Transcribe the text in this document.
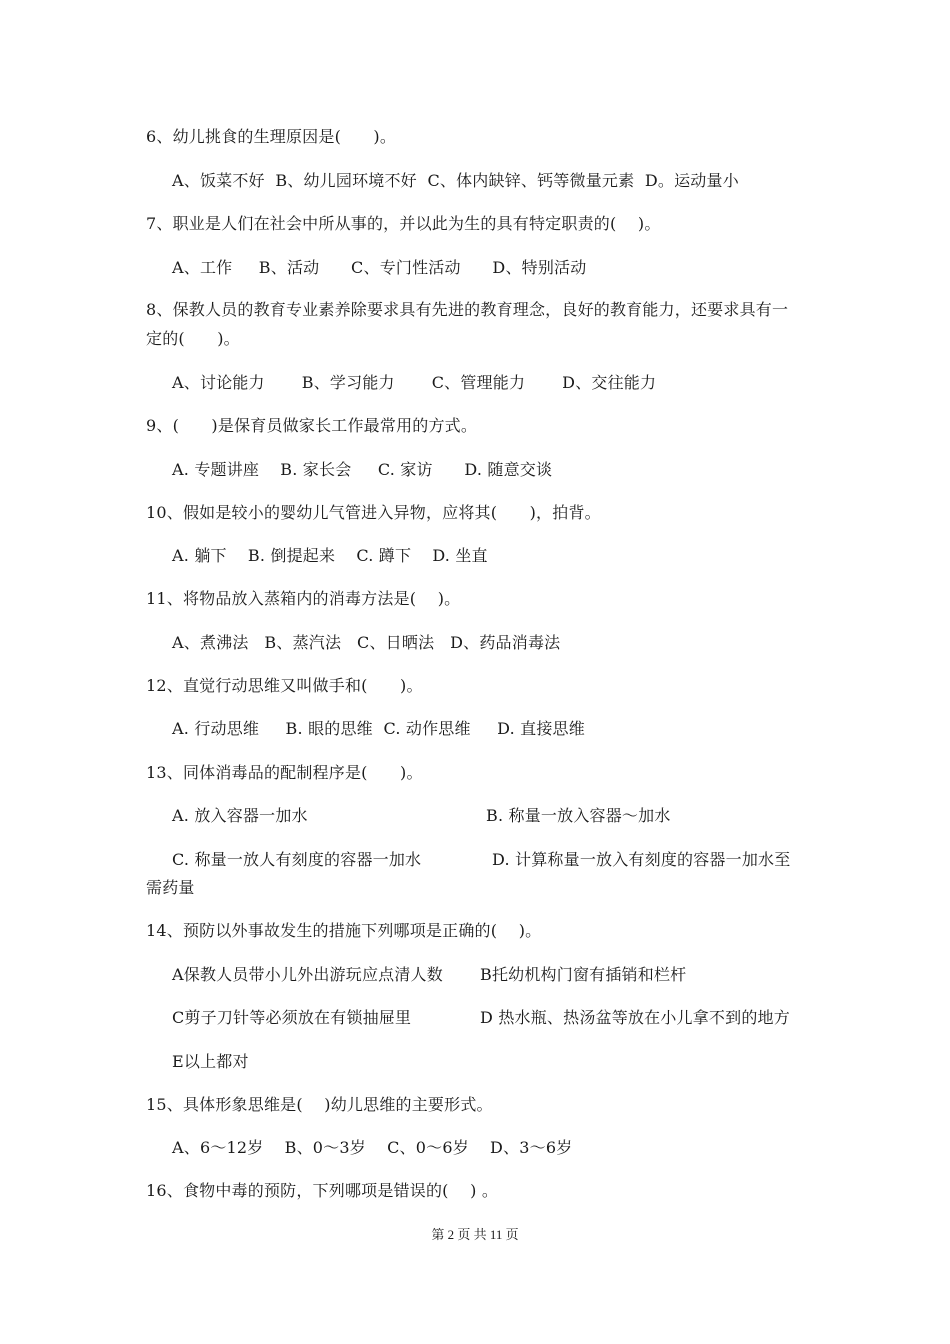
6、幼儿挑食的生理原因是(　　)。
A、饭菜不好  B、幼儿园环境不好  C、体内缺锌、钙等微量元素  D。运动量小
7、职业是人们在社会中所从事的，并以此为生的具有特定职责的(　 )。
A、工作     B、活动      C、专门性活动      D、特别活动
8、保教人员的教育专业素养除要求具有先进的教育理念，良好的教育能力，还要求具有一
定的(　　)。
A、讨论能力       B、学习能力       C、管理能力       D、交往能力
9、(　　)是保育员做家长工作最常用的方式。
A. 专题讲座    B. 家长会     C. 家访      D. 随意交谈
10、假如是较小的婴幼儿气管进入异物，应将其(　　)，拍背。
A. 躺下    B. 倒提起来    C. 蹲下    D. 坐直
11、将物品放入蒸箱内的消毒方法是(　 )。
A、煮沸法   B、蒸汽法   C、日晒法   D、药品消毒法
12、直觉行动思维又叫做手和(　　)。
A. 行动思维     B. 眼的思维  C. 动作思维     D. 直接思维
13、同体消毒品的配制程序是(　　)。
A. 放入容器一加水	B. 称量一放入容器～加水
C. 称量一放人有刻度的容器一加水	D. 计算称量一放入有刻度的容器一加水至
需药量
14、预防以外事故发生的措施下列哪项是正确的(　 )。
A保教人员带小儿外出游玩应点清人数 B托幼机构门窗有插销和栏杆
C剪子刀针等必须放在有锁抽屉里	D 热水瓶、热汤盆等放在小儿拿不到的地方
E以上都对
15、具体形象思维是(　 )幼儿思维的主要形式。
A、6～12岁    B、0～3岁    C、0～6岁    D、3～6岁
16、食物中毒的预防，下列哪项是错误的(　 ) 。
第 2 页 共 11 页
